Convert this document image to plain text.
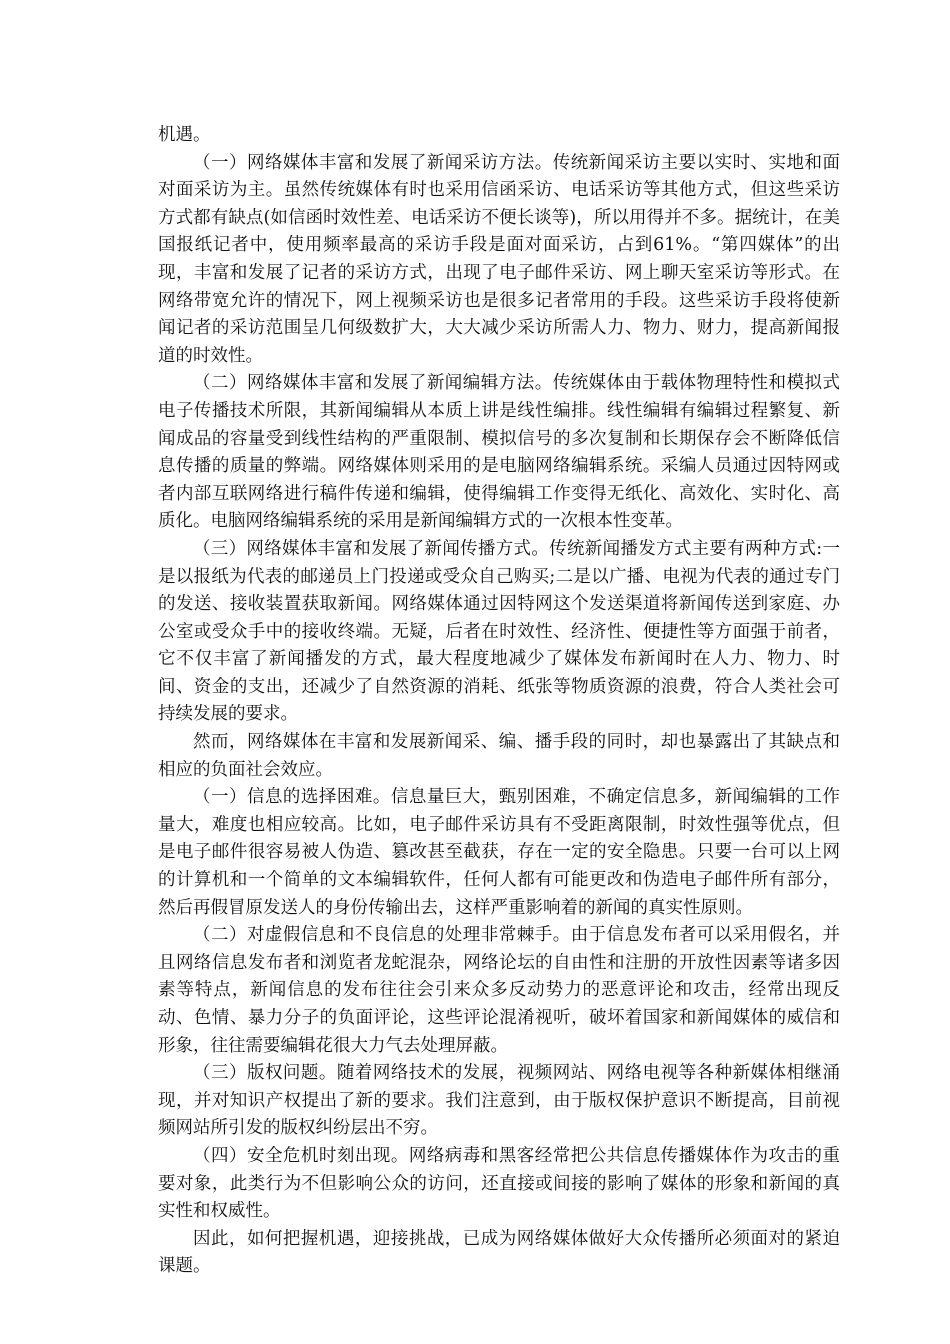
机遇。

（一）网络媒体丰富和发展了新闻采访方法。传统新闻采访主要以实时、实地和面对面采访为主。虽然传统媒体有时也采用信函采访、电话采访等其他方式，但这些采访方式都有缺点(如信函时效性差、电话采访不便长谈等)，所以用得并不多。据统计，在美国报纸记者中，使用频率最高的采访手段是面对面采访，占到61%。“第四媒体”的出现，丰富和发展了记者的采访方式，出现了电子邮件采访、网上聊天室采访等形式。在网络带宽允许的情况下，网上视频采访也是很多记者常用的手段。这些采访手段将使新闻记者的采访范围呈几何级数扩大，大大减少采访所需人力、物力、财力，提高新闻报道的时效性。

（二）网络媒体丰富和发展了新闻编辑方法。传统媒体由于载体物理特性和模拟式电子传播技术所限，其新闻编辑从本质上讲是线性编排。线性编辑有编辑过程繁复、新闻成品的容量受到线性结构的严重限制、模拟信号的多次复制和长期保存会不断降低信息传播的质量的弊端。网络媒体则采用的是电脑网络编辑系统。采编人员通过因特网或者内部互联网络进行稿件传递和编辑，使得编辑工作变得无纸化、高效化、实时化、高质化。电脑网络编辑系统的采用是新闻编辑方式的一次根本性变革。

（三）网络媒体丰富和发展了新闻传播方式。传统新闻播发方式主要有两种方式:一是以报纸为代表的邮递员上门投递或受众自己购买;二是以广播、电视为代表的通过专门的发送、接收装置获取新闻。网络媒体通过因特网这个发送渠道将新闻传送到家庭、办公室或受众手中的接收终端。无疑，后者在时效性、经济性、便捷性等方面强于前者，它不仅丰富了新闻播发的方式，最大程度地减少了媒体发布新闻时在人力、物力、时间、资金的支出，还减少了自然资源的消耗、纸张等物质资源的浪费，符合人类社会可持续发展的要求。

然而，网络媒体在丰富和发展新闻采、编、播手段的同时，却也暴露出了其缺点和相应的负面社会效应。

（一）信息的选择困难。信息量巨大，甄别困难，不确定信息多，新闻编辑的工作量大，难度也相应较高。比如，电子邮件采访具有不受距离限制，时效性强等优点，但是电子邮件很容易被人伪造、篡改甚至截获，存在一定的安全隐患。只要一台可以上网的计算机和一个简单的文本编辑软件，任何人都有可能更改和伪造电子邮件所有部分，然后再假冒原发送人的身份传输出去，这样严重影响着的新闻的真实性原则。

（二）对虚假信息和不良信息的处理非常棘手。由于信息发布者可以采用假名，并且网络信息发布者和浏览者龙蛇混杂，网络论坛的自由性和注册的开放性因素等诸多因素等特点，新闻信息的发布往往会引来众多反动势力的恶意评论和攻击，经常出现反动、色情、暴力分子的负面评论，这些评论混淆视听，破坏着国家和新闻媒体的威信和形象，往往需要编辑花很大力气去处理屏蔽。

（三）版权问题。随着网络技术的发展，视频网站、网络电视等各种新媒体相继涌现，并对知识产权提出了新的要求。我们注意到，由于版权保护意识不断提高，目前视频网站所引发的版权纠纷层出不穷。

（四）安全危机时刻出现。网络病毒和黑客经常把公共信息传播媒体作为攻击的重要对象，此类行为不但影响公众的访问，还直接或间接的影响了媒体的形象和新闻的真实性和权威性。

因此，如何把握机遇，迎接挑战，已成为网络媒体做好大众传播所必须面对的紧迫课题。
